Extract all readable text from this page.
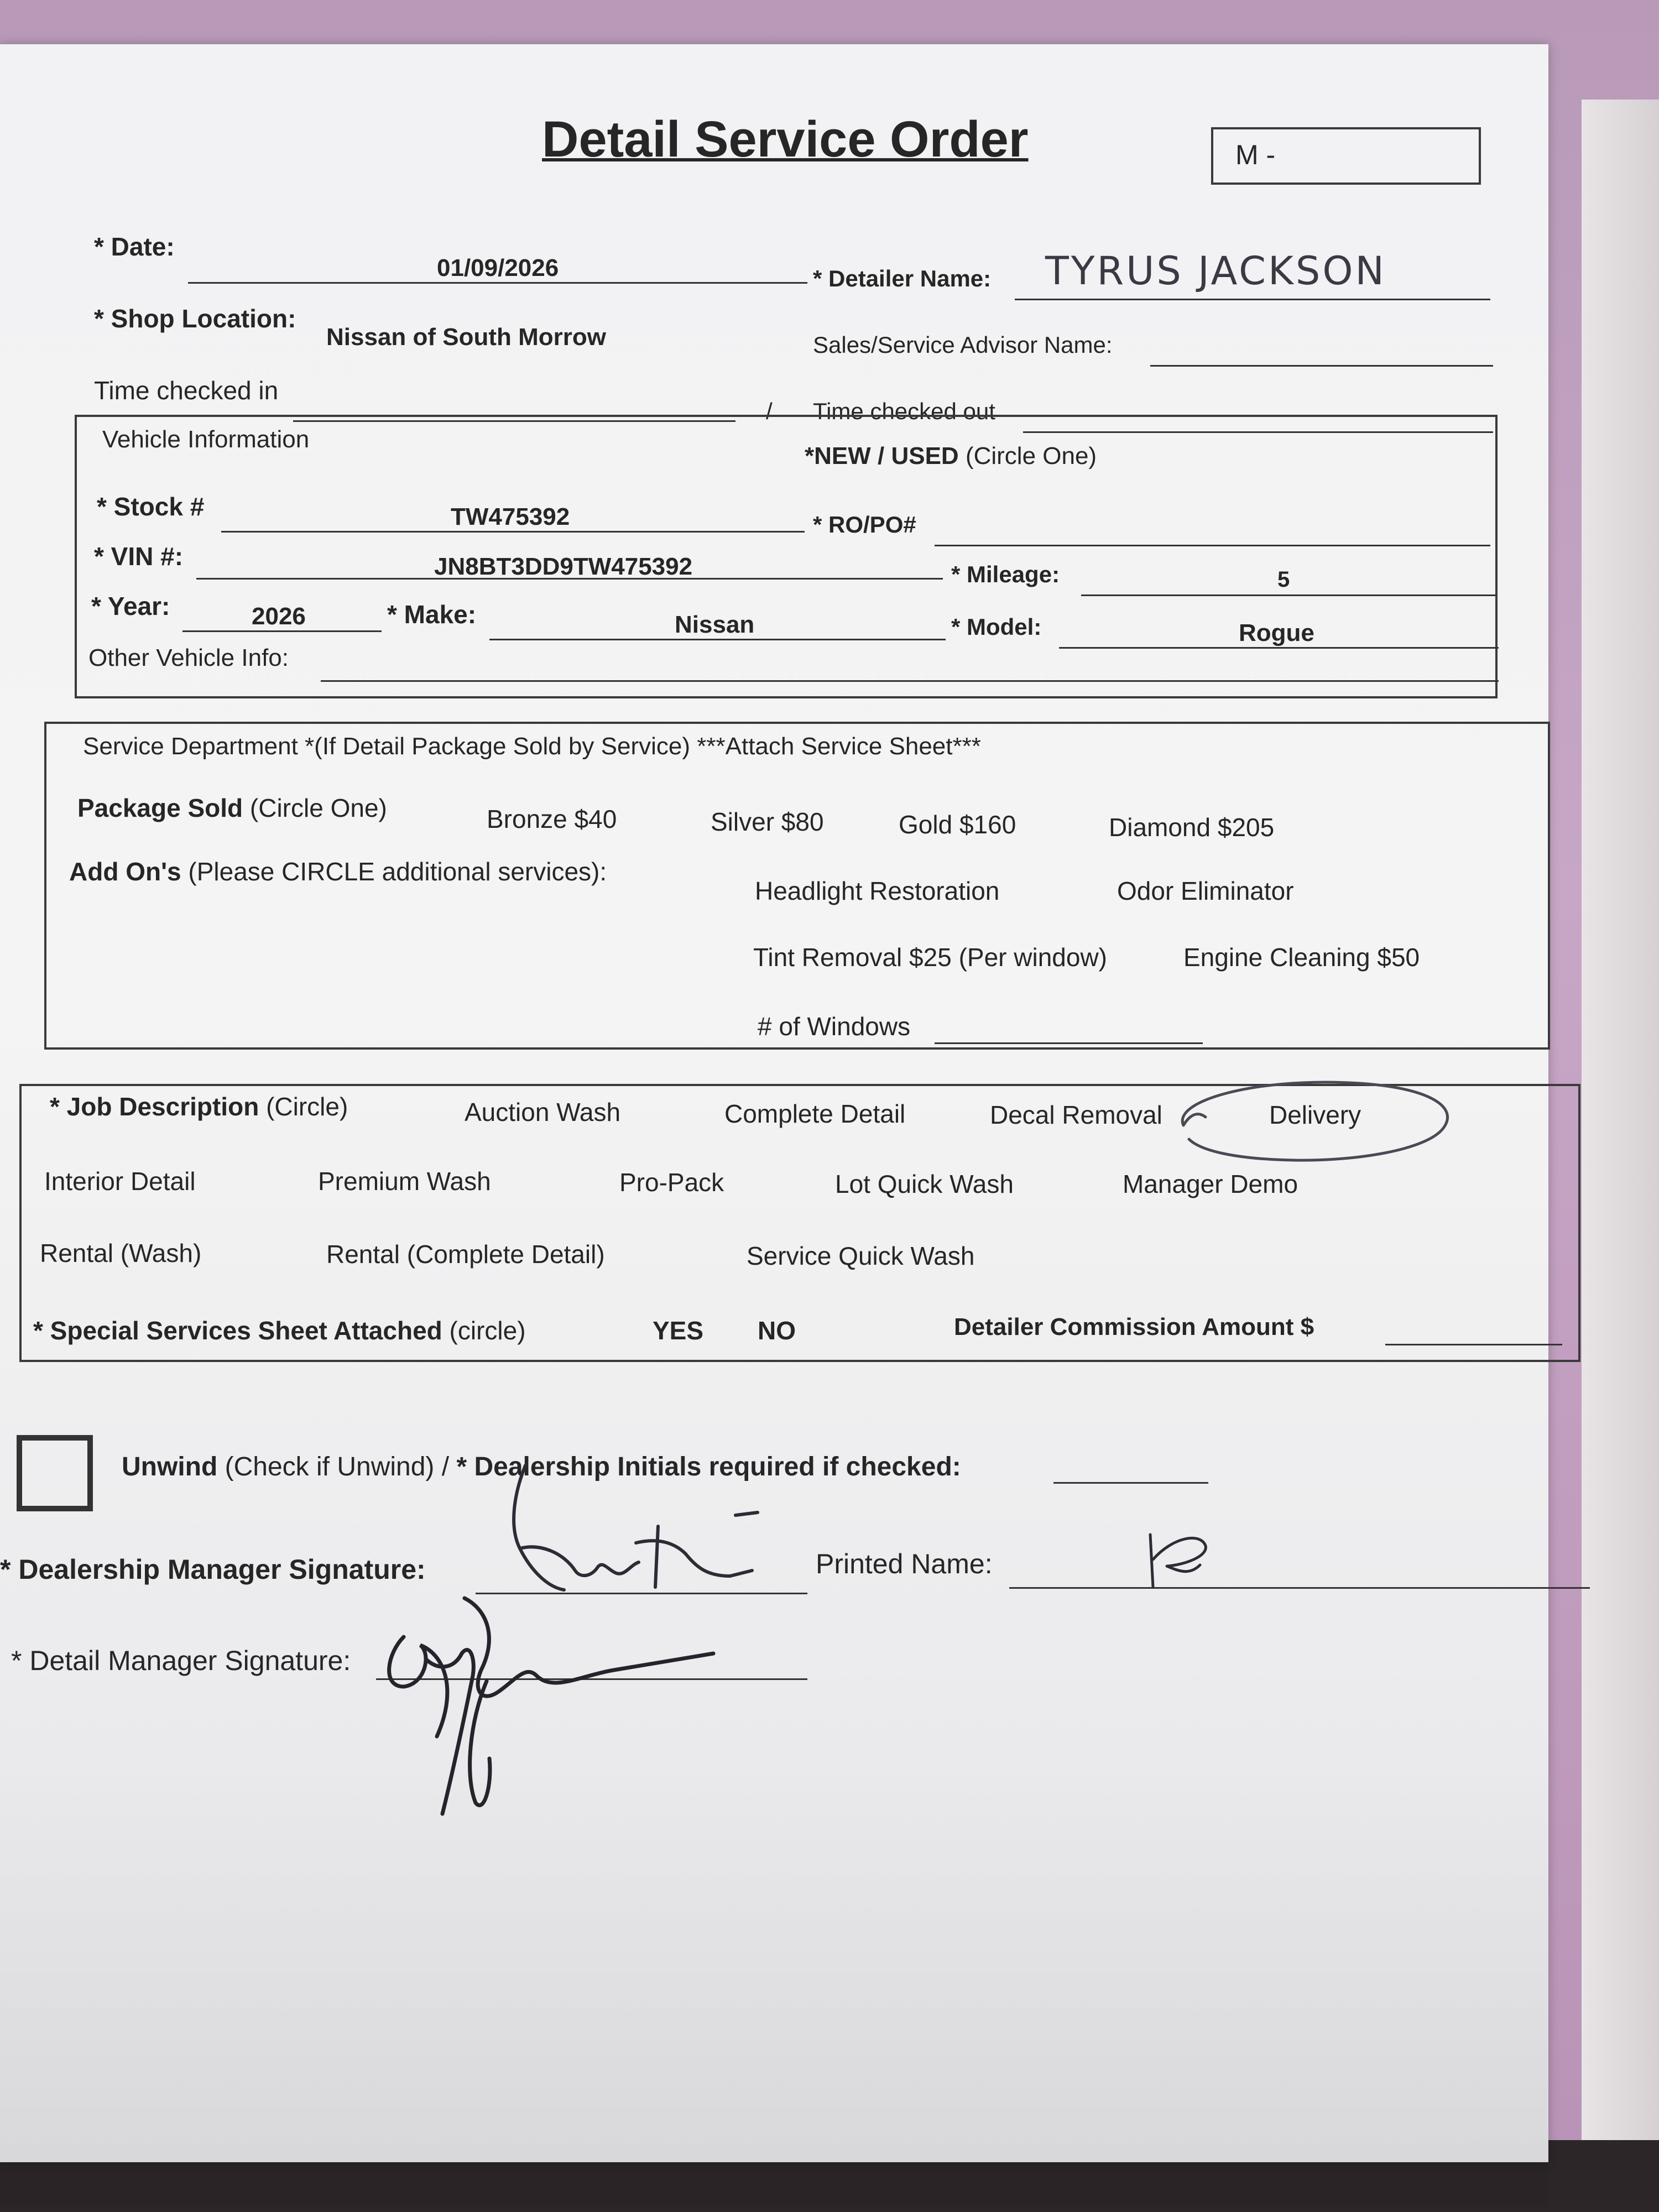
Detail Service Order	M -
* Date:
01/09/2026	* Detailer Name: TYRUS JACKSON
* Shop Location:
Nissan of South Morrow	Sales/Service Advisor Name:
Time checked in
/ Time checked out
Vehicle Information
*NEW / USED (Circle One)
* Stock #	TW475392	* RO/PO#
* VIN #:	JN8BT3DD9TW475392	* Mileage:	5
* Year:	2026	* Make:	Nissan	* Model:	Rogue
Other Vehicle Info:
Service Department *(If Detail Package Sold by Service) ***Attach Service Sheet***
Package Sold (Circle One)	Bronze $40	Silver $80	Gold $160	Diamond $205
Add On's (Please CIRCLE additional services):
Headlight Restoration	Odor Eliminator
Tint Removal $25 (Per window)	Engine Cleaning $50
# of Windows
* Job Description (Circle)	Auction Wash	Complete Detail	Decal Removal	Delivery
Interior Detail	Premium Wash	Pro-Pack	Lot Quick Wash	Manager Demo
Rental (Wash)	Rental (Complete Detail)	Service Quick Wash
* Special Services Sheet Attached (circle)	YES NO	Detailer Commission Amount $
Unwind (Check if Unwind) / * Dealership Initials required if checked:
* Dealership Manager Signature:	Printed Name:
* Detail Manager Signature:
